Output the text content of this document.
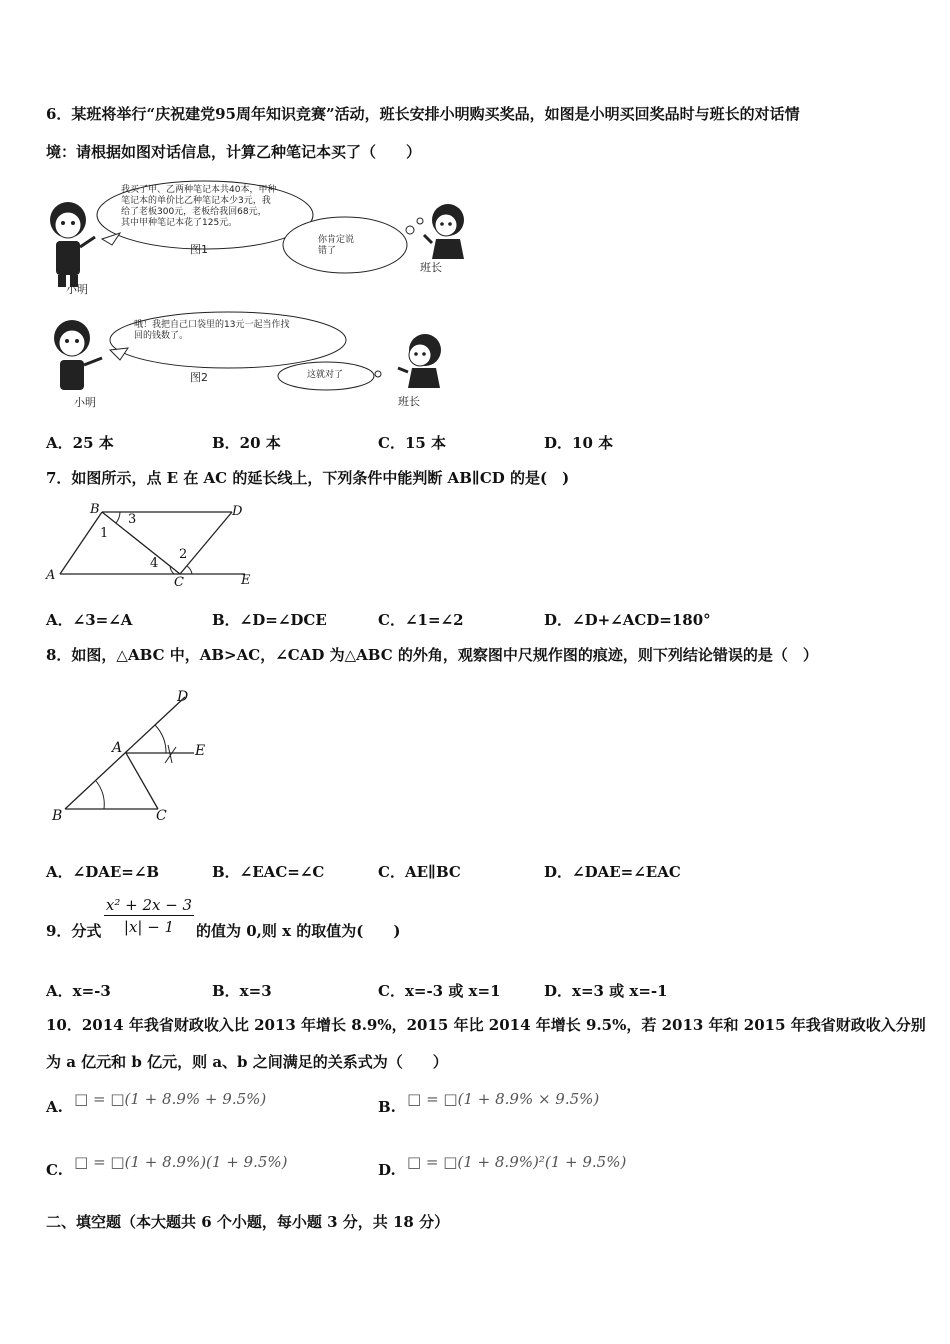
6．某班将举行“庆祝建党95周年知识竞赛”活动，班长安排小明购买奖品，如图是小明买回奖品时与班长的对话情
境：请根据如图对话信息，计算乙种笔记本买了（　　）
我买了甲、乙两种笔记本共40本，甲种
笔记本的单价比乙种笔记本少3元，我
给了老板300元，老板给我回68元，
其中甲种笔记本花了125元。
你肯定说
错了
图1
小明
班长
哦！我把自己口袋里的13元一起当作找
回的钱数了。
这就对了
图2
小明	班长
A．25 本	B．20 本	C．15 本	D．10 本
7．如图所示，点 E 在 AC 的延长线上，下列条件中能判断 AB∥CD 的是(　)
B	D
A	C	E
1
3
2
4
A．∠3=∠A	B．∠D=∠DCE	C．∠1=∠2	D．∠D+∠ACD=180°
8．如图，△ABC 中，AB>AC，∠CAD 为△ABC 的外角，观察图中尺规作图的痕迹，则下列结论错误的是（　）
D
A	E
B	C
A．∠DAE=∠B	B．∠EAC=∠C	C．AE∥BC	D．∠DAE=∠EAC
9．分式 $\frac{\text{x² + 2x − 3}}{|x| - 1}$ 的值为 0,则 x 的取值为(　　)
A．x=-3	B．x=3	C．x=-3 或 x=1	D．x=3 或 x=-1
10．2014 年我省财政收入比 2013 年增长 8.9%，2015 年比 2014 年增长 9.5%，若 2013 年和 2015 年我省财政收入分别
为 a 亿元和 b 亿元，则 a、b 之间满足的关系式为（　　）
A. □ = □(1 + 8.9% + 9.5%)	B. □ = □(1 + 8.9% × 9.5%)
C. □ = □(1 + 8.9%)(1 + 9.5%)	D. □ = □(1 + 8.9%)²(1 + 9.5%)
二、填空题（本大题共 6 个小题，每小题 3 分，共 18 分）
